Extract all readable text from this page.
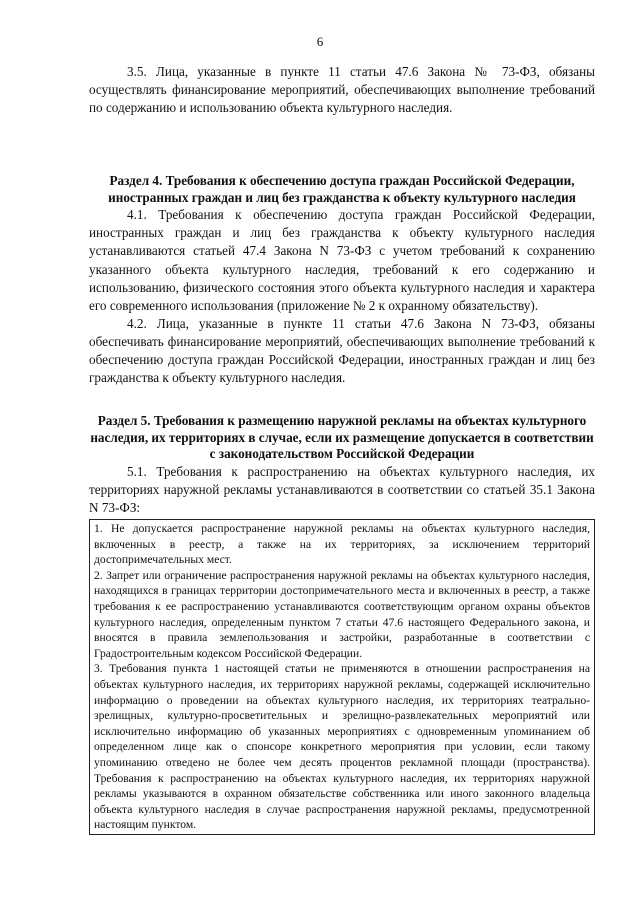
6

3.5. Лица, указанные в пункте 11 статьи 47.6 Закона № 73-ФЗ, обязаны осуществлять финансирование мероприятий, обеспечивающих выполнение требований по содержанию и использованию объекта культурного наследия.

Раздел 4. Требования к обеспечению доступа граждан Российской Федерации, иностранных граждан и лиц без гражданства к объекту культурного наследия

4.1. Требования к обеспечению доступа граждан Российской Федерации, иностранных граждан и лиц без гражданства к объекту культурного наследия устанавливаются статьей 47.4 Закона N 73-ФЗ с учетом требований к сохранению указанного объекта культурного наследия, требований к его содержанию и использованию, физического состояния этого объекта культурного наследия и характера его современного использования (приложение № 2 к охранному обязательству).

4.2. Лица, указанные в пункте 11 статьи 47.6 Закона N 73-ФЗ, обязаны обеспечивать финансирование мероприятий, обеспечивающих выполнение требований к обеспечению доступа граждан Российской Федерации, иностранных граждан и лиц без гражданства к объекту культурного наследия.

Раздел 5. Требования к размещению наружной рекламы на объектах культурного наследия, их территориях в случае, если их размещение допускается в соответствии с законодательством Российской Федерации

5.1. Требования к распространению на объектах культурного наследия, их территориях наружной рекламы устанавливаются в соответствии со статьей 35.1 Закона N 73-ФЗ:

1. Не допускается распространение наружной рекламы на объектах культурного наследия, включенных в реестр, а также на их территориях, за исключением территорий достопримечательных мест.

2. Запрет или ограничение распространения наружной рекламы на объектах культурного наследия, находящихся в границах территории достопримечательного места и включенных в реестр, а также требования к ее распространению устанавливаются соответствующим органом охраны объектов культурного наследия, определенным пунктом 7 статьи 47.6 настоящего Федерального закона, и вносятся в правила землепользования и застройки, разработанные в соответствии с Градостроительным кодексом Российской Федерации.

3. Требования пункта 1 настоящей статьи не применяются в отношении распространения на объектах культурного наследия, их территориях наружной рекламы, содержащей исключительно информацию о проведении на объектах культурного наследия, их территориях театрально-зрелищных, культурно-просветительных и зрелищно-развлекательных мероприятий или исключительно информацию об указанных мероприятиях с одновременным упоминанием об определенном лице как о спонсоре конкретного мероприятия при условии, если такому упоминанию отведено не более чем десять процентов рекламной площади (пространства). Требования к распространению на объектах культурного наследия, их территориях наружной рекламы указываются в охранном обязательстве собственника или иного законного владельца объекта культурного наследия в случае распространения наружной рекламы, предусмотренной настоящим пунктом.
